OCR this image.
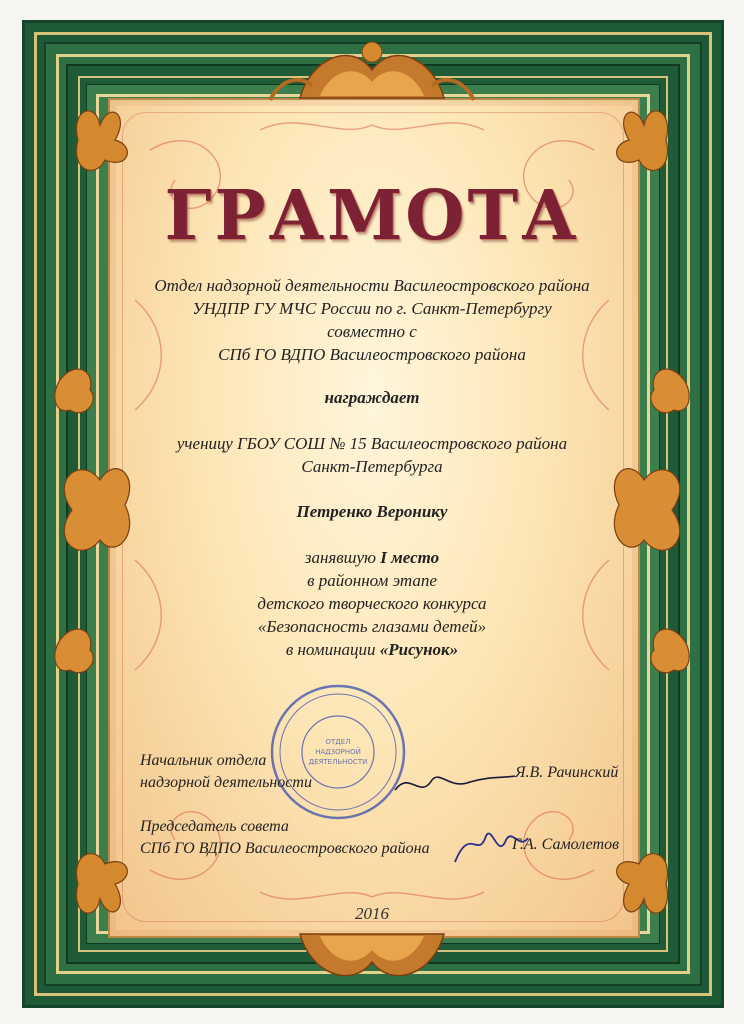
ОТДЕЛ
НАДЗОРНОЙ
ДЕЯТЕЛЬНОСТИ
ГРАМОТА
Отдел надзорной деятельности Василеостровского района
УНДПР ГУ МЧС России по г. Санкт-Петербургу
совместно с
СПб ГО ВДПО Василеостровского района
награждает
ученицу ГБОУ СОШ № 15 Василеостровского района
Санкт-Петербурга
Петренко Веронику
занявшую I место
в районном этапе
детского творческого конкурса
«Безопасность глазами детей»
в номинации «Рисунок»
Начальник отдела
надзорной деятельности
Я.В. Рачинский
Председатель совета
СПб ГО ВДПО Василеостровского района	Г.А. Самолетов
2016
